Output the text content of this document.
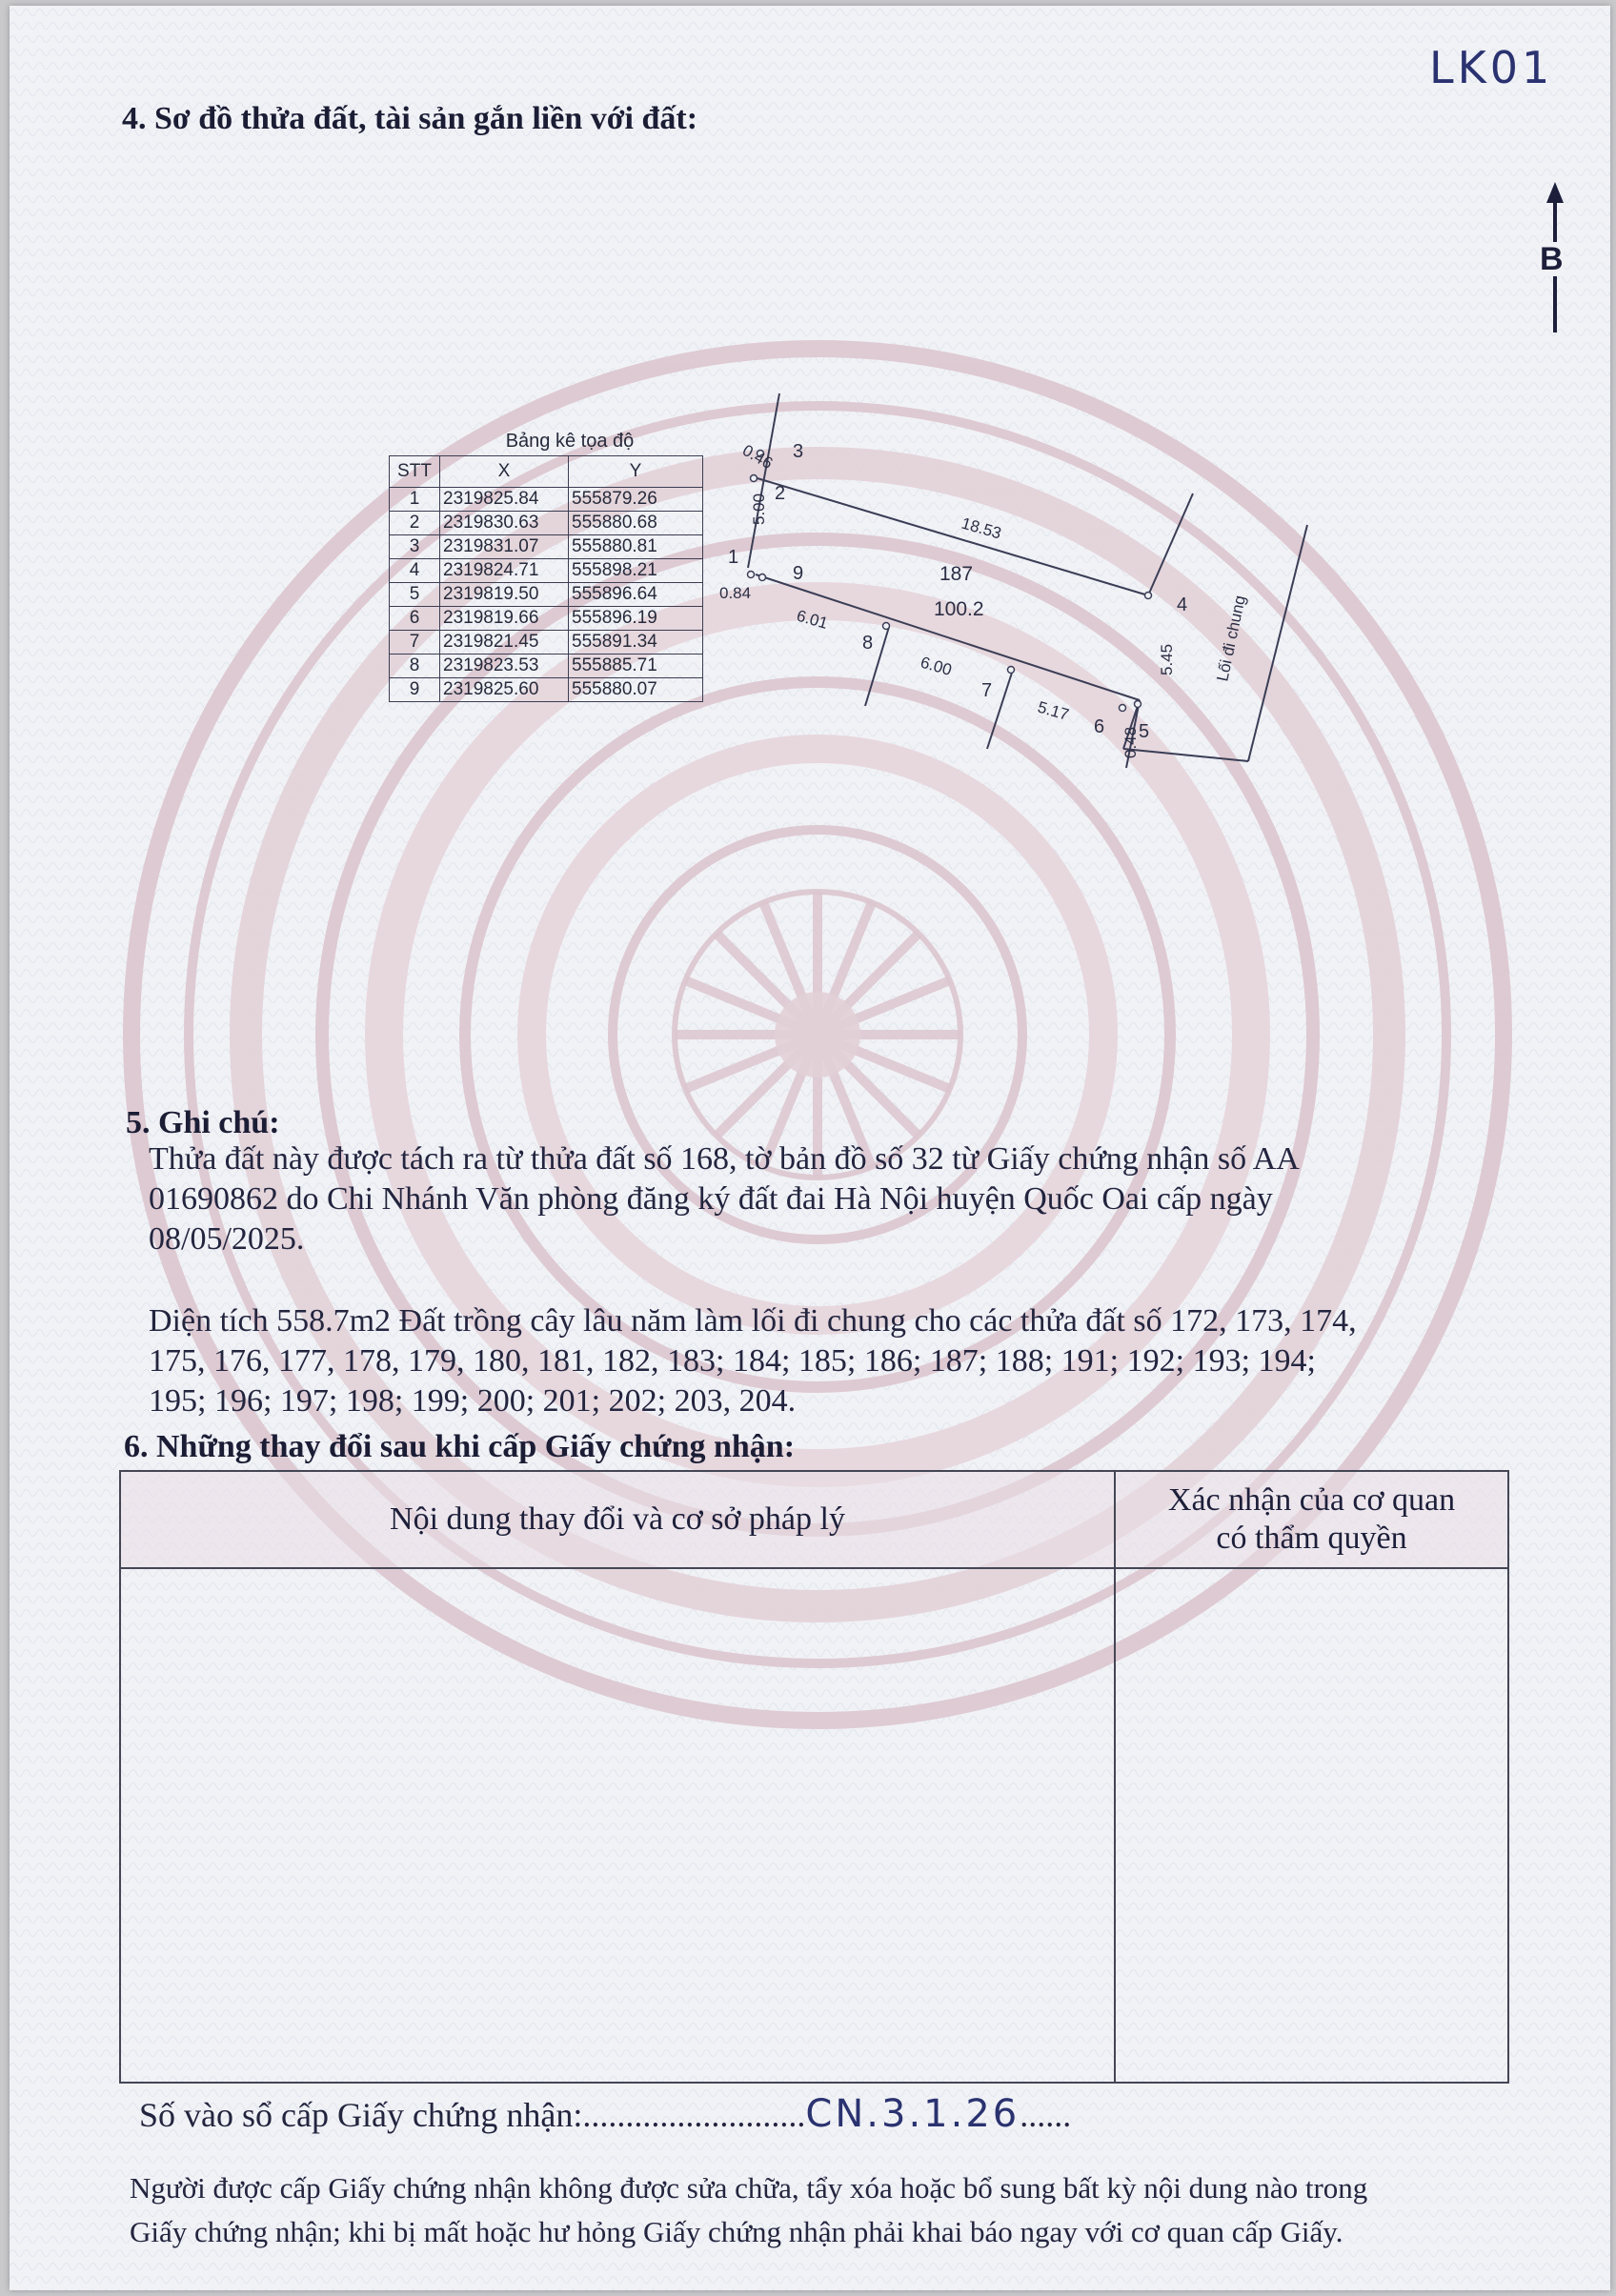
LK01
B
4. Sơ đồ thửa đất, tài sản gắn liền với đất:
Bảng kê tọa độ
STT	X	Y
1	2319825.84	555879.26
2	2319830.63	555880.68
3	2319831.07	555880.81
4	2319824.71	555898.21
5	2319819.50	555896.64
6	2319819.66	555896.19
7	2319821.45	555891.34
8	2319823.53	555885.71
9	2319825.60	555880.07
1
2
3
4
5
6
7
8
9	187
100.2
0.46
5.00
18.53
0.84
6.01
6.00
5.17
0.48
5.45 Lối đi chung
5. Ghi chú:
Thửa đất này được tách ra từ thửa đất số 168, tờ bản đồ số 32 từ Giấy chứng nhận số AA
01690862 do Chi Nhánh Văn phòng đăng ký đất đai Hà Nội huyện Quốc Oai cấp ngày
08/05/2025.
Diện tích 558.7m2 Đất trồng cây lâu năm làm lối đi chung cho các thửa đất số 172, 173, 174,
175, 176, 177, 178, 179, 180, 181, 182, 183; 184; 185; 186; 187; 188; 191; 192; 193; 194;
195; 196; 197; 198; 199; 200; 201; 202; 203, 204.
6. Những thay đổi sau khi cấp Giấy chứng nhận:
Nội dung thay đổi và cơ sở pháp lý
Xác nhận của cơ quan
có thẩm quyền
Số vào sổ cấp Giấy chứng nhận:..........................CN.3.1.26......
Người được cấp Giấy chứng nhận không được sửa chữa, tẩy xóa hoặc bổ sung bất kỳ nội dung nào trong
Giấy chứng nhận; khi bị mất hoặc hư hỏng Giấy chứng nhận phải khai báo ngay với cơ quan cấp Giấy.
